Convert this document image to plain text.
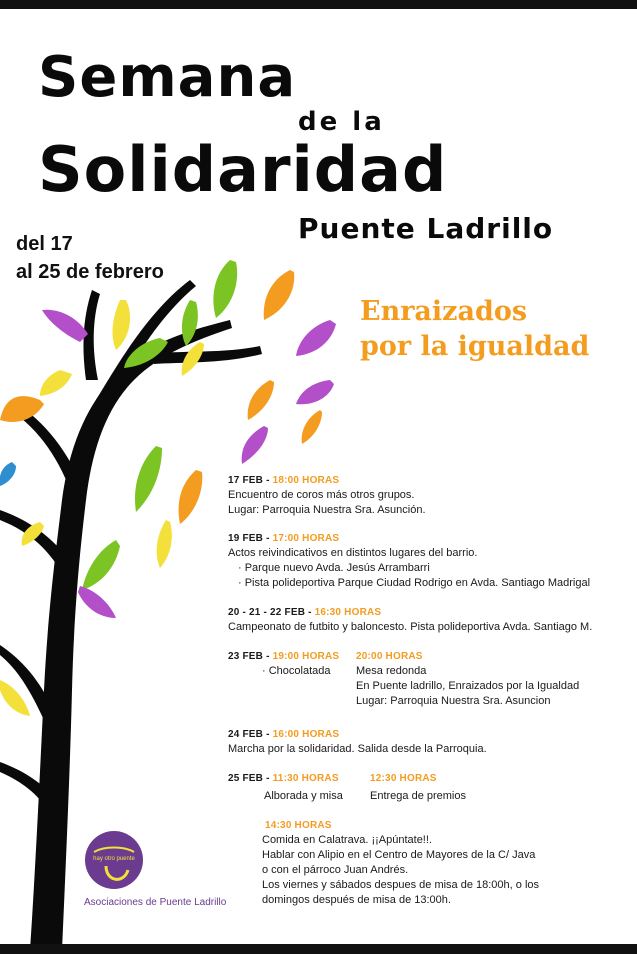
Semana
de la
Solidaridad
Puente Ladrillo
del 17
al 25 de febrero
Enraizados
por la igualdad
17 FEB - 18:00 HORAS
Encuentro de coros más otros grupos.
Lugar: Parroquia Nuestra Sra. Asunción.
19 FEB - 17:00 HORAS
Actos reivindicativos en distintos lugares del barrio.
· Parque nuevo Avda. Jesús Arrambarri
· Pista polideportiva Parque Ciudad Rodrigo en Avda. Santiago Madrigal
20 - 21 - 22 FEB - 16:30 HORAS
Campeonato de futbito y baloncesto. Pista polideportiva Avda. Santiago M.
23 FEB - 19:00 HORAS
· Chocolatada
20:00 HORAS
Mesa redonda
En Puente ladrillo, Enraizados por la Igualdad
Lugar: Parroquia Nuestra Sra. Asuncion
24 FEB - 16:00 HORAS
Marcha por la solidaridad. Salida desde la Parroquia.
25 FEB - 11:30 HORAS
Alborada y misa
12:30 HORAS
Entrega de premios
14:30 HORAS
Comida en Calatrava. ¡¡Apúntate!!.
Hablar con Alipio en el Centro de Mayores de la C/ Java
o con el párroco Juan Andrés.
Los viernes y sábados despues de misa de 18:00h, o los
domingos después de misa de 13:00h.
hay otro puente
Asociaciones de Puente Ladrillo
